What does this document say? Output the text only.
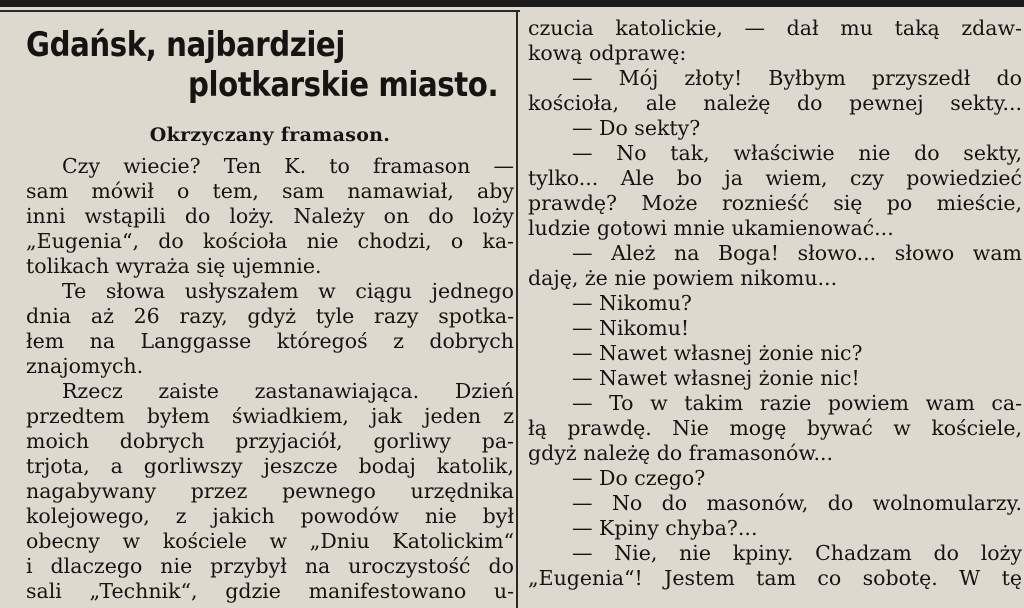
Gdańsk, najbardziej
plotkarskie miasto.
Okrzyczany framason.
Czy wiecie? Ten K. to framason —
sam mówił o tem, sam namawiał, aby
inni wstąpili do loży. Należy on do loży
„Eugenia“, do kościoła nie chodzi, o ka-
tolikach wyraża się ujemnie.
Te słowa usłyszałem w ciągu jednego
dnia aż 26 razy, gdyż tyle razy spotka-
łem na Langgasse któregoś z dobrych
znajomych.
Rzecz zaiste zastanawiająca. Dzień
przedtem byłem świadkiem, jak jeden z
moich dobrych przyjaciół, gorliwy pa-
trjota, a gorliwszy jeszcze bodaj katolik,
nagabywany przez pewnego urzędnika
kolejowego, z jakich powodów nie był
obecny w kościele w „Dniu Katolickim“
i dlaczego nie przybył na uroczystość do
sali „Technik“, gdzie manifestowano u-
czucia katolickie, — dał mu taką zdaw-
kową odprawę:
— Mój złoty! Byłbym przyszedł do
kościoła, ale należę do pewnej sekty...
— Do sekty?
— No tak, właściwie nie do sekty,
tylko... Ale bo ja wiem, czy powiedzieć
prawdę? Może roznieść się po mieście,
ludzie gotowi mnie ukamienować...
— Ależ na Boga! słowo... słowo wam
daję, że nie powiem nikomu...
— Nikomu?
— Nikomu!
— Nawet własnej żonie nic?
— Nawet własnej żonie nic!
— To w takim razie powiem wam ca-
łą prawdę. Nie mogę bywać w kościele,
gdyż należę do framasonów...
— Do czego?
— No do masonów, do wolnomularzy.
— Kpiny chyba?...
— Nie, nie kpiny. Chadzam do loży
„Eugenia“! Jestem tam co sobotę. W tę
